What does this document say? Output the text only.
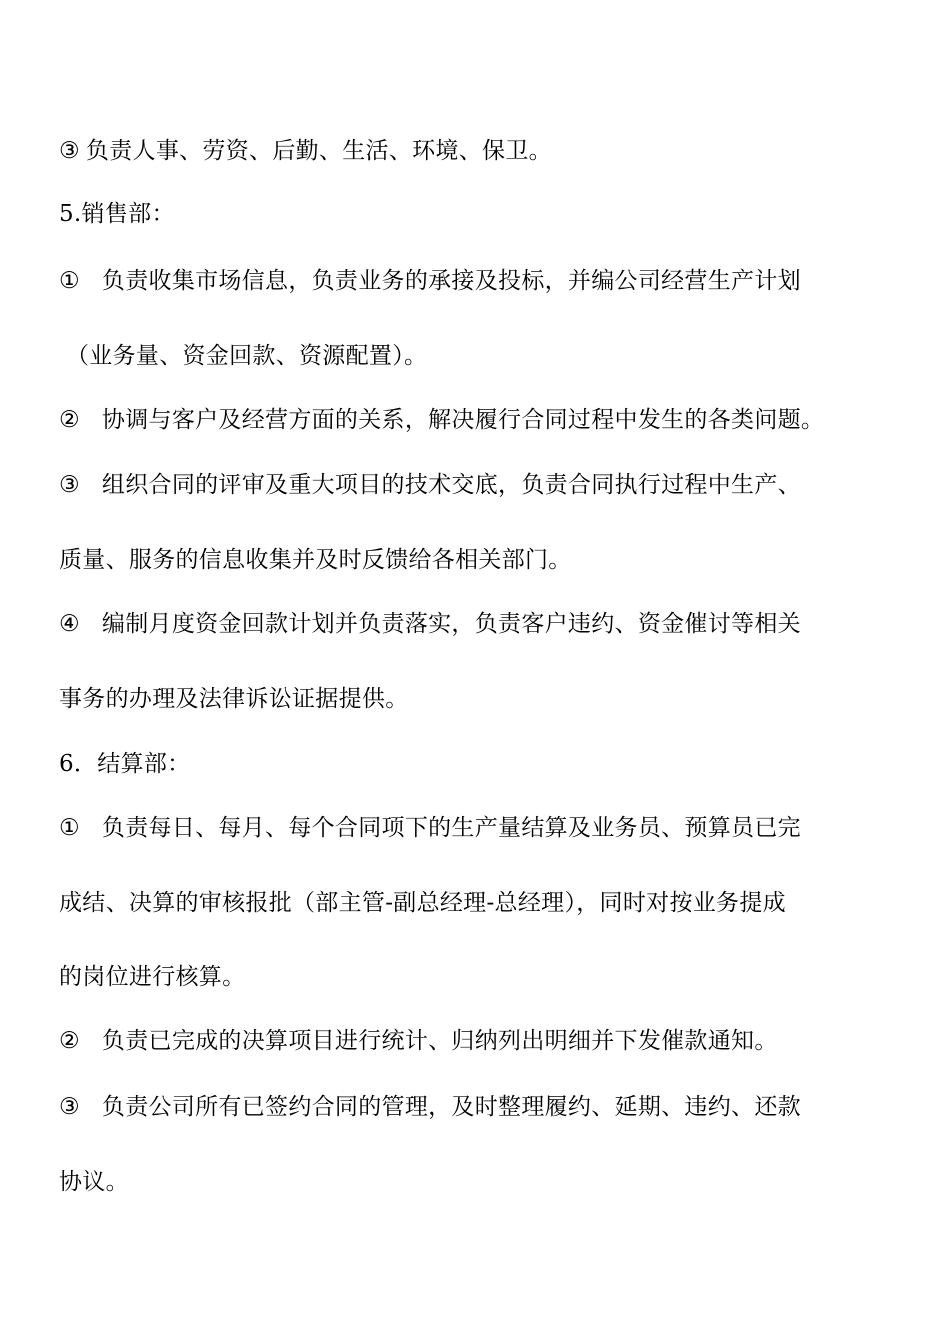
③ 负责人事、劳资、后勤、生活、环境、保卫。
5.销售部：
① 负责收集市场信息，负责业务的承接及投标，并编公司经营生产计划
（业务量、资金回款、资源配置）。
② 协调与客户及经营方面的关系，解决履行合同过程中发生的各类问题。
③ 组织合同的评审及重大项目的技术交底，负责合同执行过程中生产、
质量、服务的信息收集并及时反馈给各相关部门。
④ 编制月度资金回款计划并负责落实，负责客户违约、资金催讨等相关
事务的办理及法律诉讼证据提供。
6．结算部：
① 负责每日、每月、每个合同项下的生产量结算及业务员、预算员已完
成结、决算的审核报批（部主管-副总经理-总经理），同时对按业务提成
的岗位进行核算。
② 负责已完成的决算项目进行统计、归纳列出明细并下发催款通知。
③ 负责公司所有已签约合同的管理，及时整理履约、延期、违约、还款
协议。
